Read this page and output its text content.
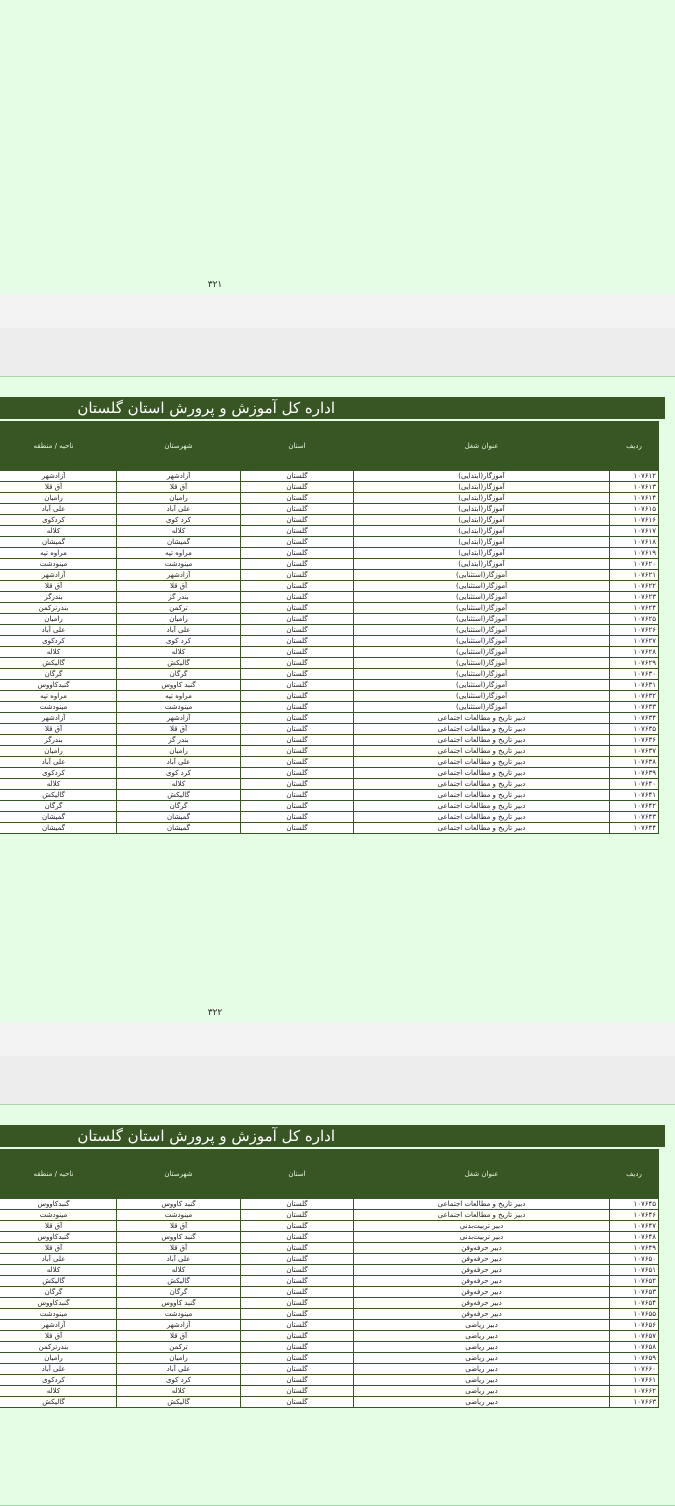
۳۲۱
اداره کل آموزش و پرورش استان گلستان
ردیف	عنوان شغل	استان	شهرستان	ناحیه / منطقه
۱۰۷۶۱۲	آموزگار(ابتدایی)	گلستان	آزادشهر	آزادشهر
۱۰۷۶۱۳	آموزگار(ابتدایی)	گلستان	آق قلا	آق قلا
۱۰۷۶۱۴	آموزگار(ابتدایی)	گلستان	رامیان	رامیان
۱۰۷۶۱۵	آموزگار(ابتدایی)	گلستان	علی آباد	علی آباد
۱۰۷۶۱۶	آموزگار(ابتدایی)	گلستان	کرد کوی	کردکوی
۱۰۷۶۱۷	آموزگار(ابتدایی)	گلستان	کلاله	کلاله
۱۰۷۶۱۸	آموزگار(ابتدایی)	گلستان	گمیشان	گمیشان
۱۰۷۶۱۹	آموزگار(ابتدایی)	گلستان	مراوه تپه	مراوه تپه
۱۰۷۶۲۰	آموزگار(ابتدایی)	گلستان	مینودشت	مینودشت
۱۰۷۶۲۱	آموزگار(استثنایی)	گلستان	آزادشهر	آزادشهر
۱۰۷۶۲۲	آموزگار(استثنایی)	گلستان	آق قلا	آق قلا
۱۰۷۶۲۳	آموزگار(استثنایی)	گلستان	بندر گز	بندرگز
۱۰۷۶۲۴	آموزگار(استثنایی)	گلستان	ترکمن	بندرترکمن
۱۰۷۶۲۵	آموزگار(استثنایی)	گلستان	رامیان	رامیان
۱۰۷۶۲۶	آموزگار(استثنایی)	گلستان	علی آباد	علی آباد
۱۰۷۶۲۷	آموزگار(استثنایی)	گلستان	کرد کوی	کردکوی
۱۰۷۶۲۸	آموزگار(استثنایی)	گلستان	کلاله	کلاله
۱۰۷۶۲۹	آموزگار(استثنایی)	گلستان	گالیکش	گالیکش
۱۰۷۶۳۰	آموزگار(استثنایی)	گلستان	گرگان	گرگان
۱۰۷۶۳۱	آموزگار(استثنایی)	گلستان	گنبد کاووس	گنبدکاووس
۱۰۷۶۳۲	آموزگار(استثنایی)	گلستان	مراوه تپه	مراوه تپه
۱۰۷۶۳۳	آموزگار(استثنایی)	گلستان	مینودشت	مینودشت
۱۰۷۶۳۴	دبیر تاریخ و مطالعات اجتماعی	گلستان	آزادشهر	آزادشهر
۱۰۷۶۳۵	دبیر تاریخ و مطالعات اجتماعی	گلستان	آق قلا	آق قلا
۱۰۷۶۳۶	دبیر تاریخ و مطالعات اجتماعی	گلستان	بندر گز	بندرگز
۱۰۷۶۳۷	دبیر تاریخ و مطالعات اجتماعی	گلستان	رامیان	رامیان
۱۰۷۶۳۸	دبیر تاریخ و مطالعات اجتماعی	گلستان	علی آباد	علی آباد
۱۰۷۶۳۹	دبیر تاریخ و مطالعات اجتماعی	گلستان	کرد کوی	کردکوی
۱۰۷۶۴۰	دبیر تاریخ و مطالعات اجتماعی	گلستان	کلاله	کلاله
۱۰۷۶۴۱	دبیر تاریخ و مطالعات اجتماعی	گلستان	گالیکش	گالیکش
۱۰۷۶۴۲	دبیر تاریخ و مطالعات اجتماعی	گلستان	گرگان	گرگان
۱۰۷۶۴۳	دبیر تاریخ و مطالعات اجتماعی	گلستان	گمیشان	گمیشان
۱۰۷۶۴۴	دبیر تاریخ و مطالعات اجتماعی	گلستان	گمیشان	گمیشان
۳۲۲
اداره کل آموزش و پرورش استان گلستان
ردیف	عنوان شغل	استان	شهرستان	ناحیه / منطقه
۱۰۷۶۴۵	دبیر تاریخ و مطالعات اجتماعی	گلستان	گنبد کاووس	گنبدکاووس
۱۰۷۶۴۶	دبیر تاریخ و مطالعات اجتماعی	گلستان	مینودشت	مینودشت
۱۰۷۶۴۷	دبیر تربیت‌بدنی	گلستان	آق قلا	آق قلا
۱۰۷۶۴۸	دبیر تربیت‌بدنی	گلستان	گنبد کاووس	گنبدکاووس
۱۰۷۶۴۹	دبیر حرفه‌وفن	گلستان	آق قلا	آق قلا
۱۰۷۶۵۰	دبیر حرفه‌وفن	گلستان	علی آباد	علی آباد
۱۰۷۶۵۱	دبیر حرفه‌وفن	گلستان	کلاله	کلاله
۱۰۷۶۵۲	دبیر حرفه‌وفن	گلستان	گالیکش	گالیکش
۱۰۷۶۵۳	دبیر حرفه‌وفن	گلستان	گرگان	گرگان
۱۰۷۶۵۴	دبیر حرفه‌وفن	گلستان	گنبد کاووس	گنبدکاووس
۱۰۷۶۵۵	دبیر حرفه‌وفن	گلستان	مینودشت	مینودشت
۱۰۷۶۵۶	دبیر ریاضی	گلستان	آزادشهر	آزادشهر
۱۰۷۶۵۷	دبیر ریاضی	گلستان	آق قلا	آق قلا
۱۰۷۶۵۸	دبیر ریاضی	گلستان	ترکمن	بندرترکمن
۱۰۷۶۵۹	دبیر ریاضی	گلستان	رامیان	رامیان
۱۰۷۶۶۰	دبیر ریاضی	گلستان	علی آباد	علی آباد
۱۰۷۶۶۱	دبیر ریاضی	گلستان	کرد کوی	کردکوی
۱۰۷۶۶۲	دبیر ریاضی	گلستان	کلاله	کلاله
۱۰۷۶۶۳	دبیر ریاضی	گلستان	گالیکش	گالیکش
